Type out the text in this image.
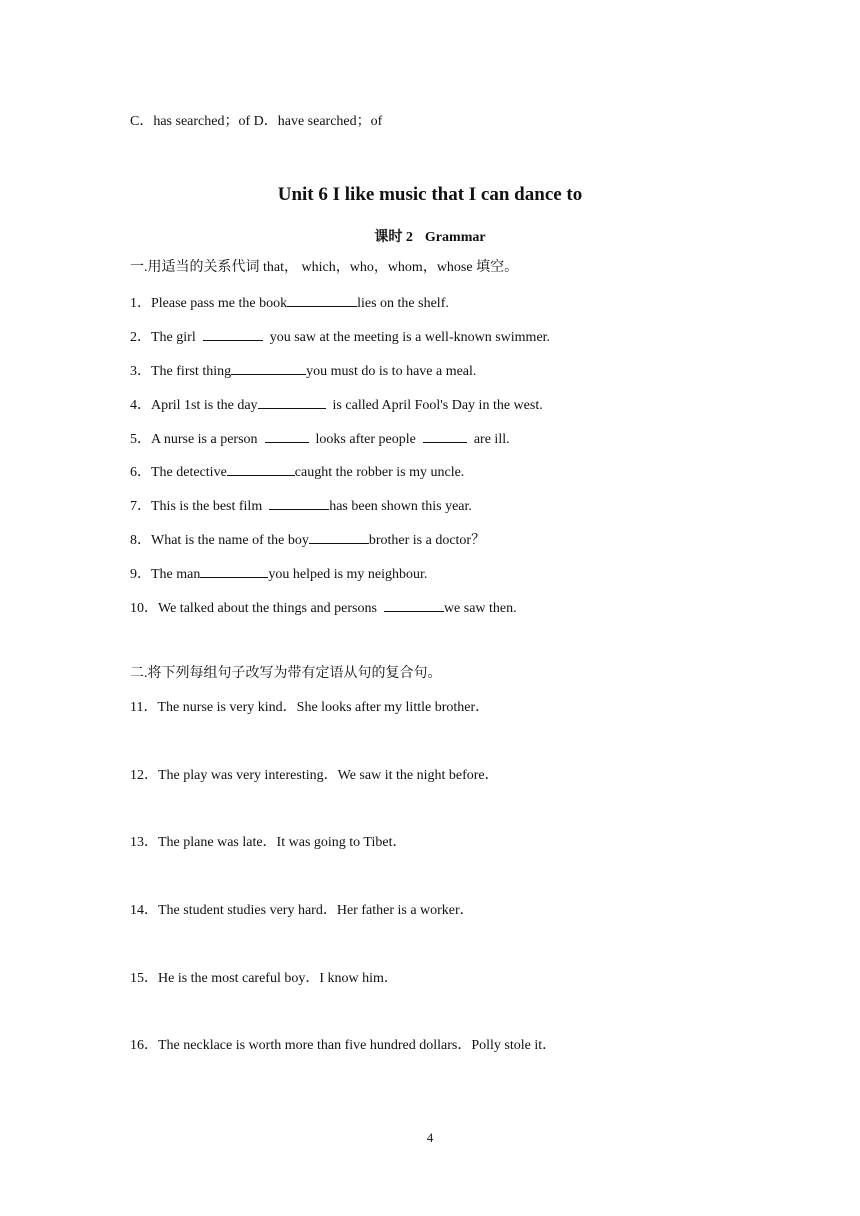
C．has searched；of D．have searched；of
Unit 6 I like music that I can dance to
课时 2 Grammar
一.用适当的关系代词 that， which，who，whom，whose 填空。
1．Please pass me the book	lies on the shelf.
2．The girl	you saw at the meeting is a well-known swimmer.
3．The first thing	you must do is to have a meal.
4．April 1st is the day	is called April Fool's Day in the west.
5．A nurse is a person	looks after people	are ill.
6．The detective	caught the robber is my uncle.
7．This is the best film	has been shown this year.
8．What is the name of the boy	brother is a doctor？
9．The man	you helped is my neighbour.
10．We talked about the things and persons	we saw then.
二.将下列每组句子改写为带有定语从句的复合句。
11．The nurse is very kind．She looks after my little brother．
12．The play was very interesting．We saw it the night before．
13．The plane was late．It was going to Tibet．
14．The student studies very hard．Her father is a worker．
15．He is the most careful boy．I know him．
16．The necklace is worth more than five hundred dollars．Polly stole it．
4
